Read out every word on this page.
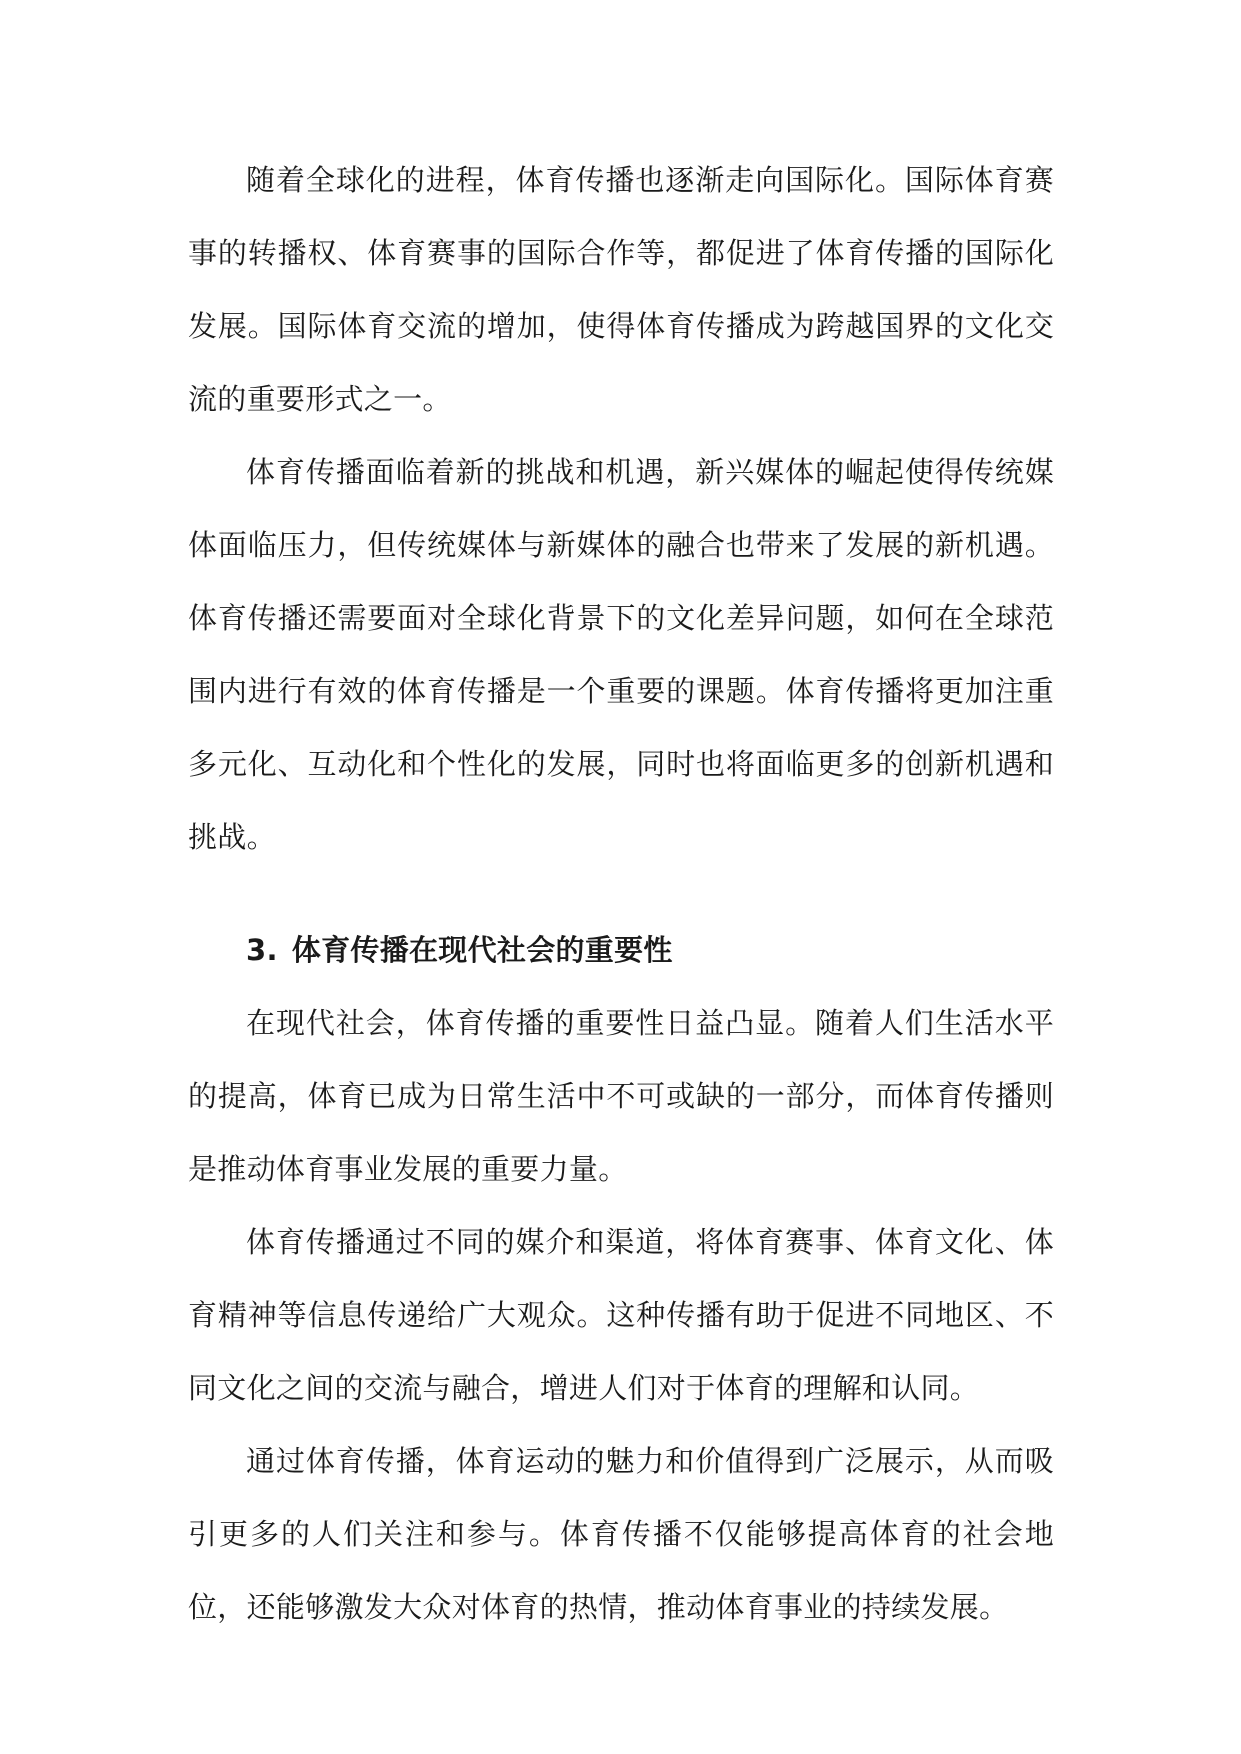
随着全球化的进程，体育传播也逐渐走向国际化。国际体育赛事的转播权、体育赛事的国际合作等，都促进了体育传播的国际化发展。国际体育交流的增加，使得体育传播成为跨越国界的文化交流的重要形式之一。

体育传播面临着新的挑战和机遇，新兴媒体的崛起使得传统媒体面临压力，但传统媒体与新媒体的融合也带来了发展的新机遇。体育传播还需要面对全球化背景下的文化差异问题，如何在全球范围内进行有效的体育传播是一个重要的课题。体育传播将更加注重多元化、互动化和个性化的发展，同时也将面临更多的创新机遇和挑战。

3. 体育传播在现代社会的重要性

在现代社会，体育传播的重要性日益凸显。随着人们生活水平的提高，体育已成为日常生活中不可或缺的一部分，而体育传播则是推动体育事业发展的重要力量。

体育传播通过不同的媒介和渠道，将体育赛事、体育文化、体育精神等信息传递给广大观众。这种传播有助于促进不同地区、不同文化之间的交流与融合，增进人们对于体育的理解和认同。

通过体育传播，体育运动的魅力和价值得到广泛展示，从而吸引更多的人们关注和参与。体育传播不仅能够提高体育的社会地位，还能够激发大众对体育的热情，推动体育事业的持续发展。
